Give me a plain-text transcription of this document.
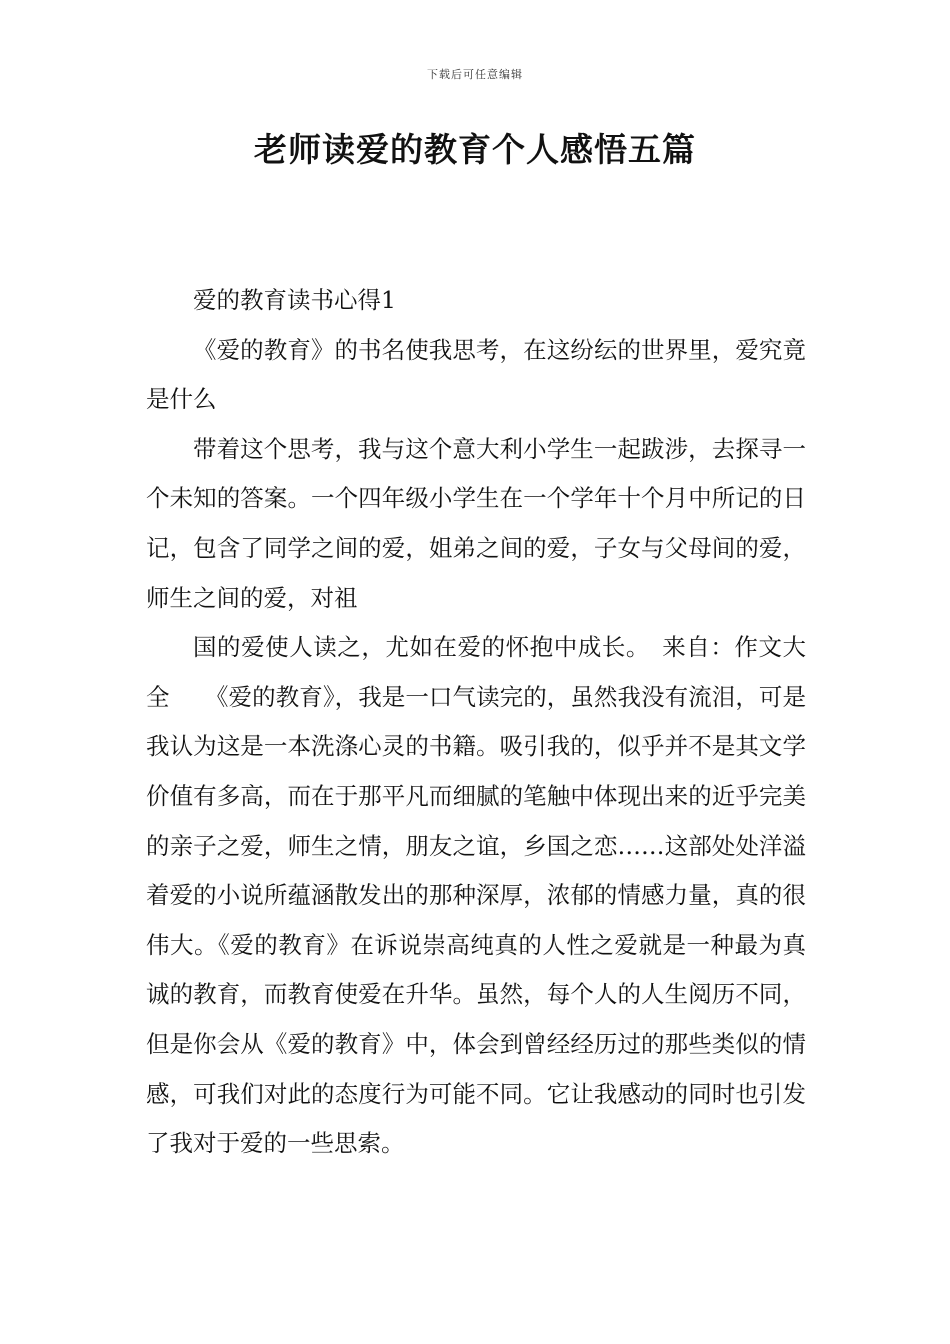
下载后可任意编辑
老师读爱的教育个人感悟五篇

爱的教育读书心得1

《爱的教育》的书名使我思考，在这纷纭的世界里，爱究竟是什么

带着这个思考，我与这个意大利小学生一起跋涉，去探寻一个未知的答案。一个四年级小学生在一个学年十个月中所记的日记，包含了同学之间的爱，姐弟之间的爱，子女与父母间的爱，师生之间的爱，对祖

国的爱使人读之，尤如在爱的怀抱中成长。　来自：作文大全　　《爱的教育》，我是一口气读完的，虽然我没有流泪，可是我认为这是一本洗涤心灵的书籍。吸引我的，似乎并不是其文学价值有多高，而在于那平凡而细腻的笔触中体现出来的近乎完美的亲子之爱，师生之情，朋友之谊，乡国之恋……这部处处洋溢着爱的小说所蕴涵散发出的那种深厚，浓郁的情感力量，真的很伟大。《爱的教育》在诉说崇高纯真的人性之爱就是一种最为真诚的教育，而教育使爱在升华。虽然，每个人的人生阅历不同，但是你会从《爱的教育》中，体会到曾经经历过的那些类似的情感，可我们对此的态度行为可能不同。它让我感动的同时也引发了我对于爱的一些思索。
